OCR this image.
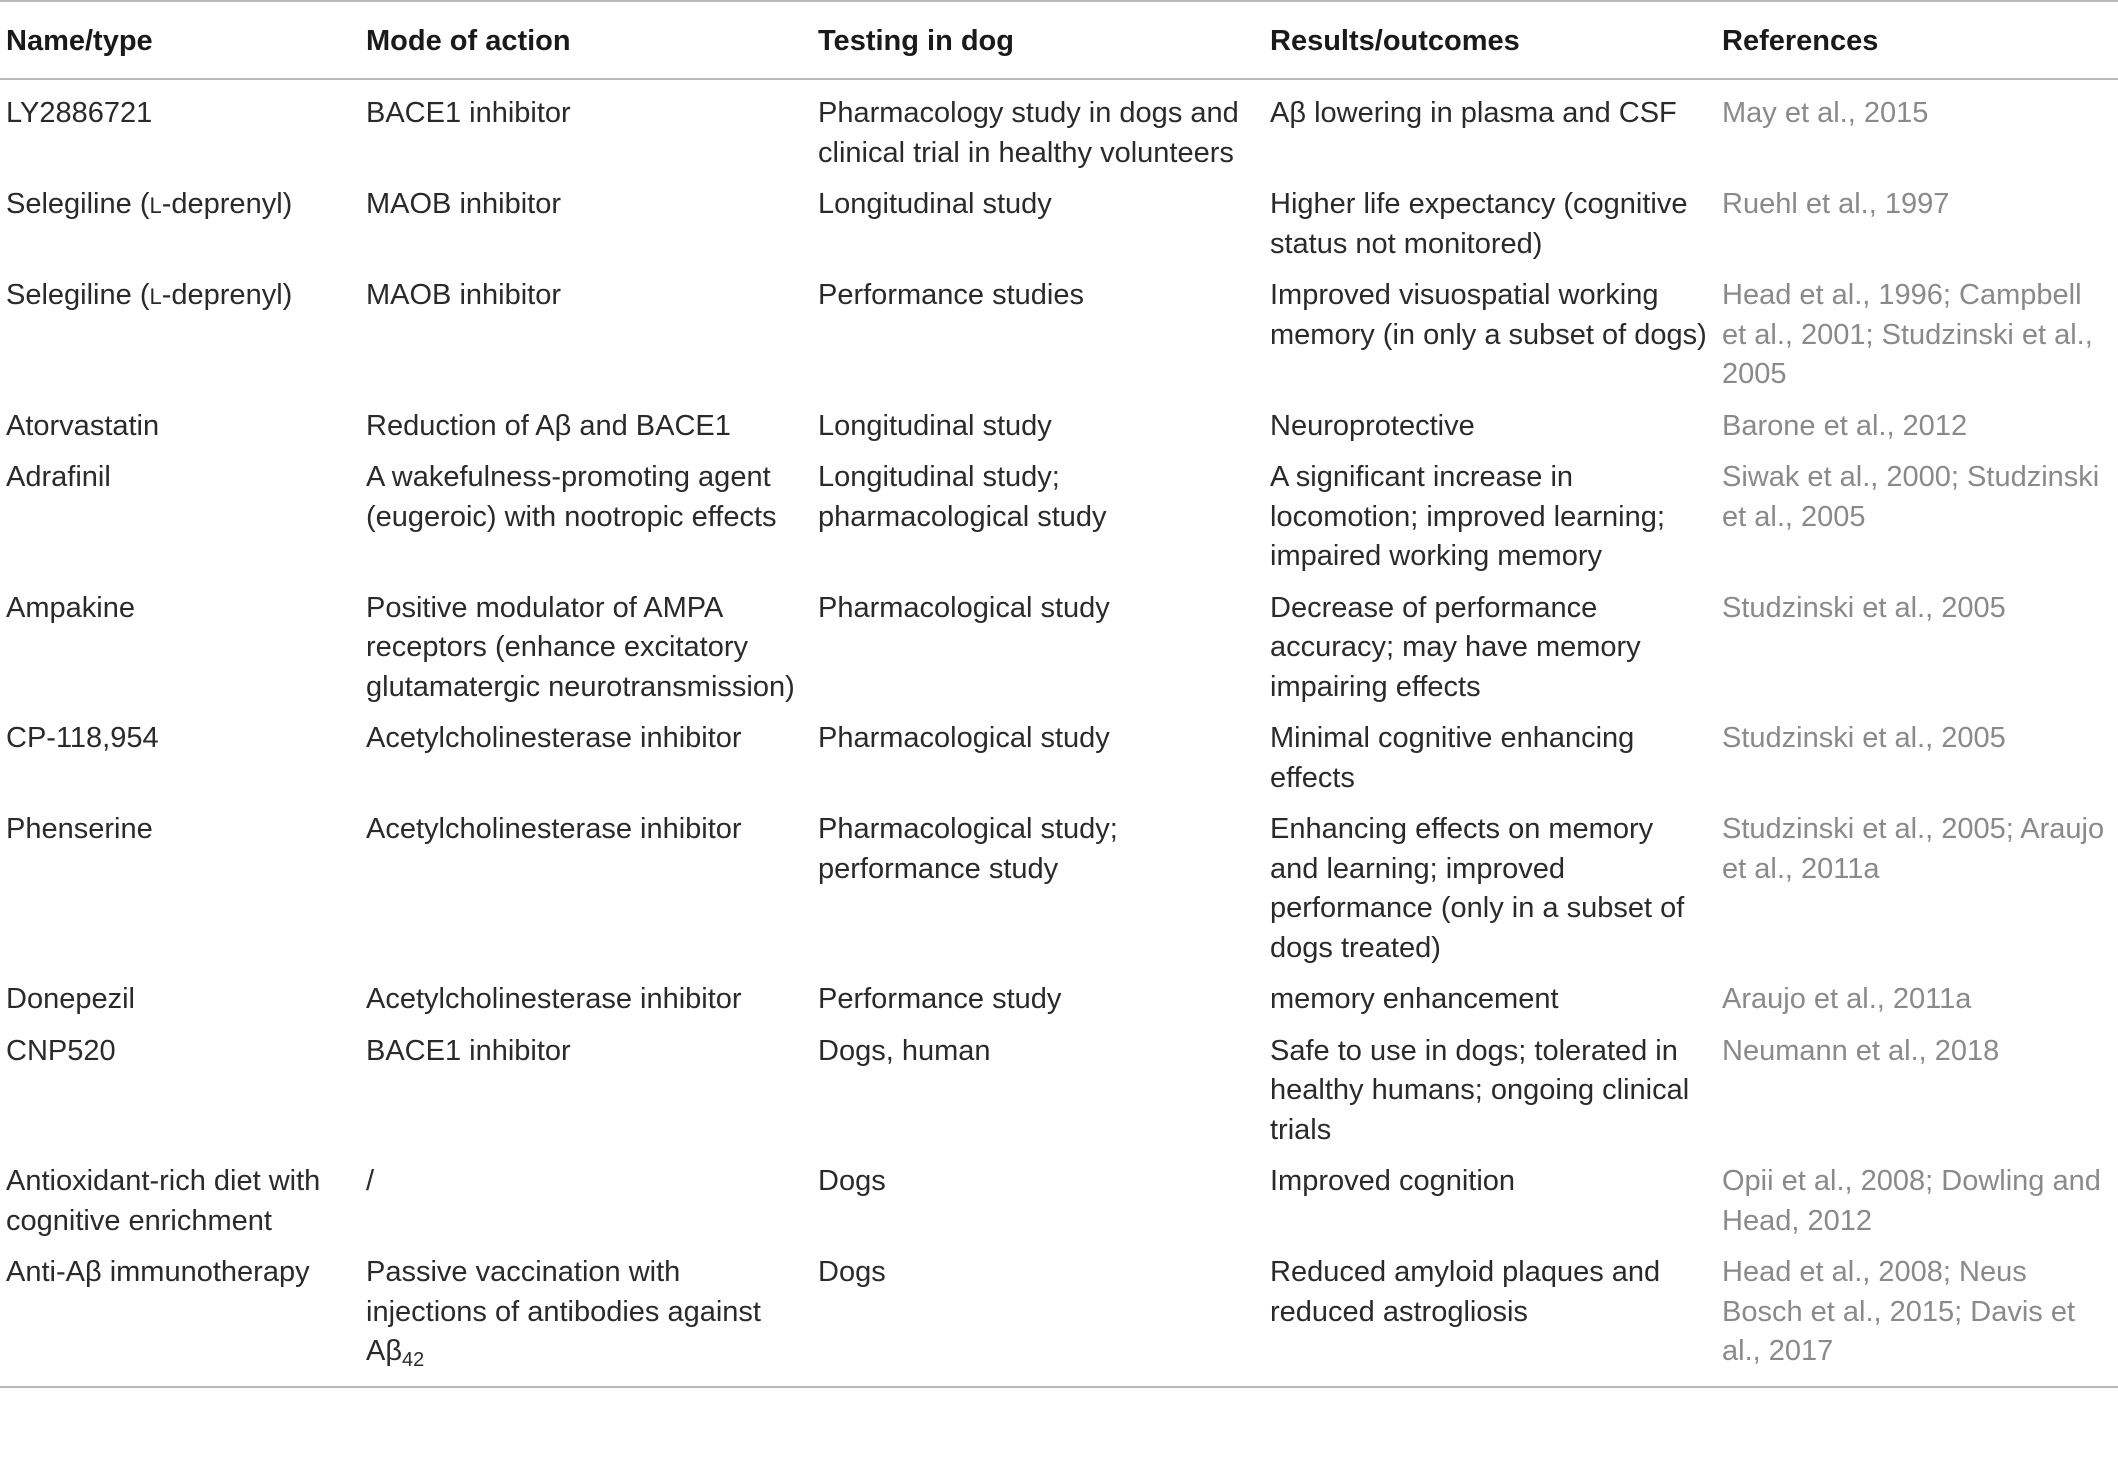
Name/type	Mode of action	Testing in dog	Results/outcomes	References
LY2886721	BACE1 inhibitor	Pharmacology study in dogs and clinical trial in healthy volunteers	Aβ lowering in plasma and CSF	May et al., 2015
Selegiline (L-deprenyl)	MAOB inhibitor	Longitudinal study	Higher life expectancy (cognitive status not monitored)	Ruehl et al., 1997
Selegiline (L-deprenyl)	MAOB inhibitor	Performance studies	Improved visuospatial working memory (in only a subset of dogs)	Head et al., 1996; Campbell et al., 2001; Studzinski et al., 2005
Atorvastatin	Reduction of Aβ and BACE1	Longitudinal study	Neuroprotective	Barone et al., 2012
Adrafinil	A wakefulness-promoting agent (eugeroic) with nootropic effects	Longitudinal study; pharmacological study	A significant increase in locomotion; improved learning; impaired working memory	Siwak et al., 2000; Studzinski et al., 2005
Ampakine	Positive modulator of AMPA receptors (enhance excitatory glutamatergic neurotransmission)	Pharmacological study	Decrease of performance accuracy; may have memory impairing effects	Studzinski et al., 2005
CP-118,954	Acetylcholinesterase inhibitor	Pharmacological study	Minimal cognitive enhancing effects	Studzinski et al., 2005
Phenserine	Acetylcholinesterase inhibitor	Pharmacological study; performance study	Enhancing effects on memory and learning; improved performance (only in a subset of dogs treated)	Studzinski et al., 2005; Araujo et al., 2011a
Donepezil	Acetylcholinesterase inhibitor	Performance study	memory enhancement	Araujo et al., 2011a
CNP520	BACE1 inhibitor	Dogs, human	Safe to use in dogs; tolerated in healthy humans; ongoing clinical trials	Neumann et al., 2018
Antioxidant-rich diet with cognitive enrichment	/	Dogs	Improved cognition	Opii et al., 2008; Dowling and Head, 2012
Anti-Aβ immunotherapy	Passive vaccination with injections of antibodies against $A\beta_{42}$	Dogs	Reduced amyloid plaques and reduced astrogliosis	Head et al., 2008; Neus Bosch et al., 2015; Davis et al., 2017
